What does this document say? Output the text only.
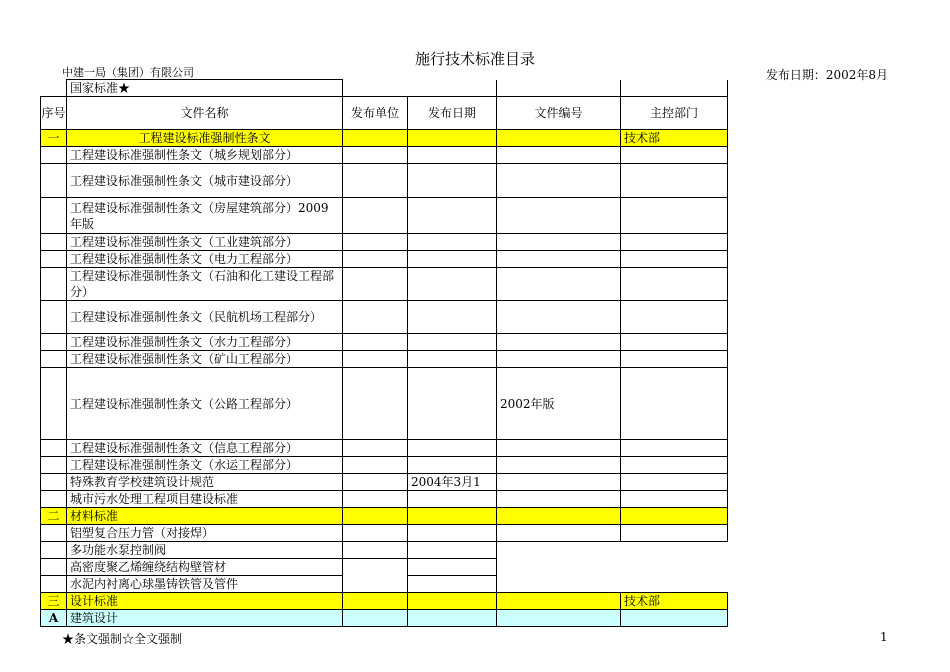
施行技术标准目录
中建一局（集团）有限公司	发布日期：2002年8月
	国家标准★				
序号	文件名称	发布单位	发布日期	文件编号	主控部门
一	工程建设标准强制性条文				技术部
	工程建设标准强制性条文（城乡规划部分）				
	工程建设标准强制性条文（城市建设部分）				
	工程建设标准强制性条文（房屋建筑部分）2009年版				
	工程建设标准强制性条文（工业建筑部分）				
	工程建设标准强制性条文（电力工程部分）				
	工程建设标准强制性条文（石油和化工建设工程部分）				
	工程建设标准强制性条文（民航机场工程部分）				
	工程建设标准强制性条文（水力工程部分）				
	工程建设标准强制性条文（矿山工程部分）				
	工程建设标准强制性条文（公路工程部分）			2002年版	
	工程建设标准强制性条文（信息工程部分）				
	工程建设标准强制性条文（水运工程部分）				
	特殊教育学校建筑设计规范		2004年3月1		
	城市污水处理工程项目建设标准				
二	材料标准				
	铝塑复合压力管（对接焊）				
	多功能水泵控制阀				
	高密度聚乙烯缠绕结构壁管材				
	水泥内衬离心球墨铸铁管及管件				
三	设计标准				技术部
A	建筑设计				
★条文强制☆全文强制	1
